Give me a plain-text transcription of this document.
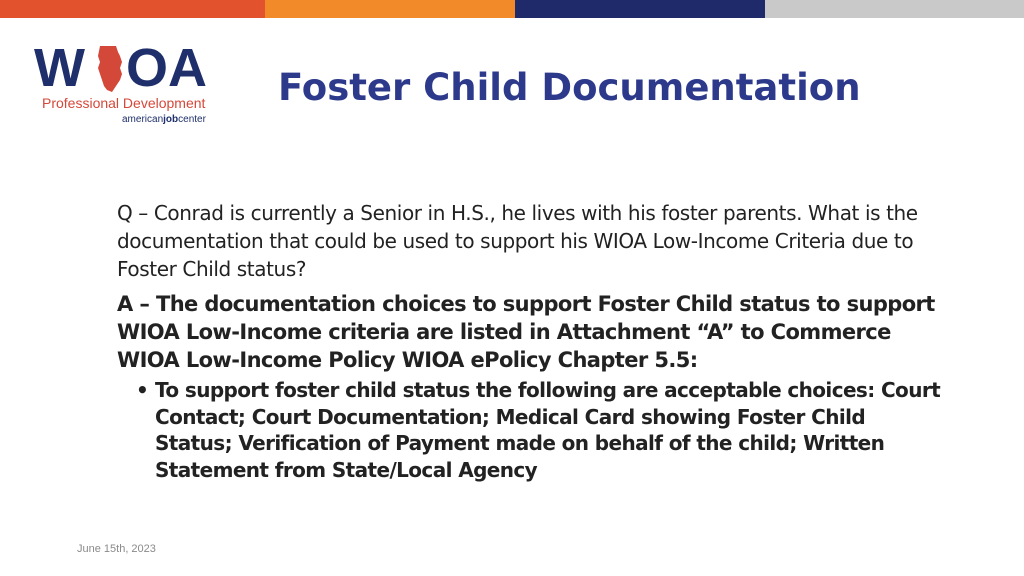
W OA
Professional Development
americanjobcenter
Foster Child Documentation

Q – Conrad is currently a Senior in H.S., he lives with his foster parents. What is the documentation that could be used to support his WIOA Low-Income Criteria due to Foster Child status?

A – The documentation choices to support Foster Child status to support WIOA Low-Income criteria are listed in Attachment “A” to Commerce WIOA Low-Income Policy WIOA ePolicy Chapter 5.5:

• To support foster child status the following are acceptable choices: Court Contact; Court Documentation; Medical Card showing Foster Child Status; Verification of Payment made on behalf of the child; Written Statement from State/Local Agency
June 15th, 2023
